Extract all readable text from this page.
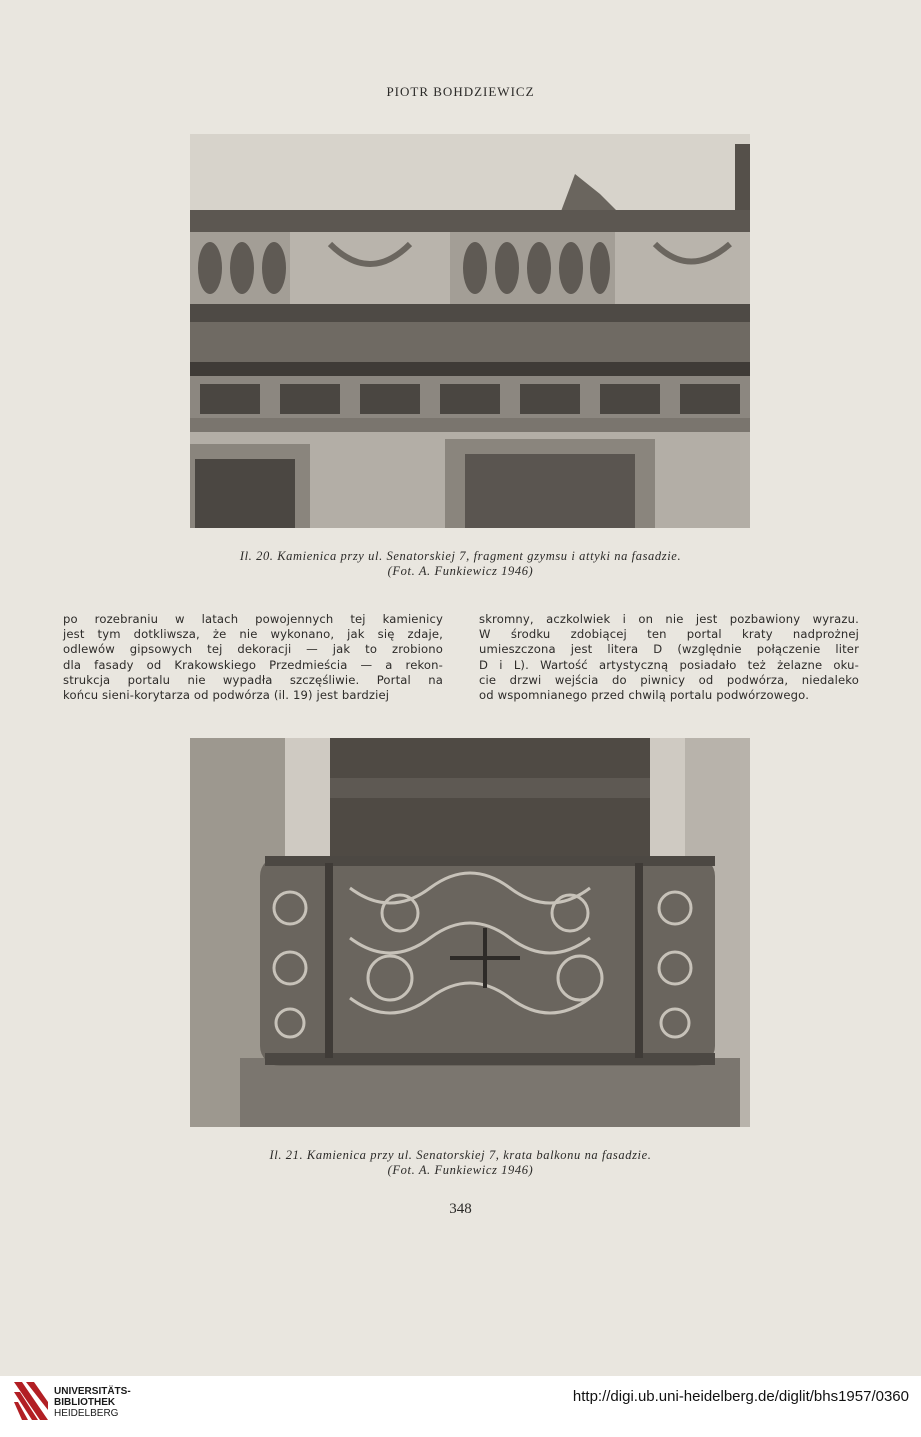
PIOTR BOHDZIEWICZ
Il. 20. Kamienica przy ul. Senatorskiej 7, fragment gzymsu i attyki na fasadzie.
(Fot. A. Funkiewicz 1946)
po rozebraniu w latach powojennych tej kamienicy
jest tym dotkliwsza, że nie wykonano, jak się zdaje,
odlewów gipsowych tej dekoracji — jak to zrobiono
dla fasady od Krakowskiego Przedmieścia — a rekon-
strukcja portalu nie wypadła szczęśliwie. Portal na
końcu sieni-korytarza od podwórza (il. 19) jest bardziej
skromny, aczkolwiek i on nie jest pozbawiony wyrazu.
W środku zdobiącej ten portal kraty nadprożnej
umieszczona jest litera D (względnie połączenie liter
D i L). Wartość artystyczną posiadało też żelazne oku-
cie drzwi wejścia do piwnicy od podwórza, niedaleko
od wspomnianego przed chwilą portalu podwórzowego.
Il. 21. Kamienica przy ul. Senatorskiej 7, krata balkonu na fasadzie.
(Fot. A. Funkiewicz 1946)
348
UNIVERSITÄTS-
BIBLIOTHEK
HEIDELBERG
http://digi.ub.uni-heidelberg.de/diglit/bhs1957/0360
